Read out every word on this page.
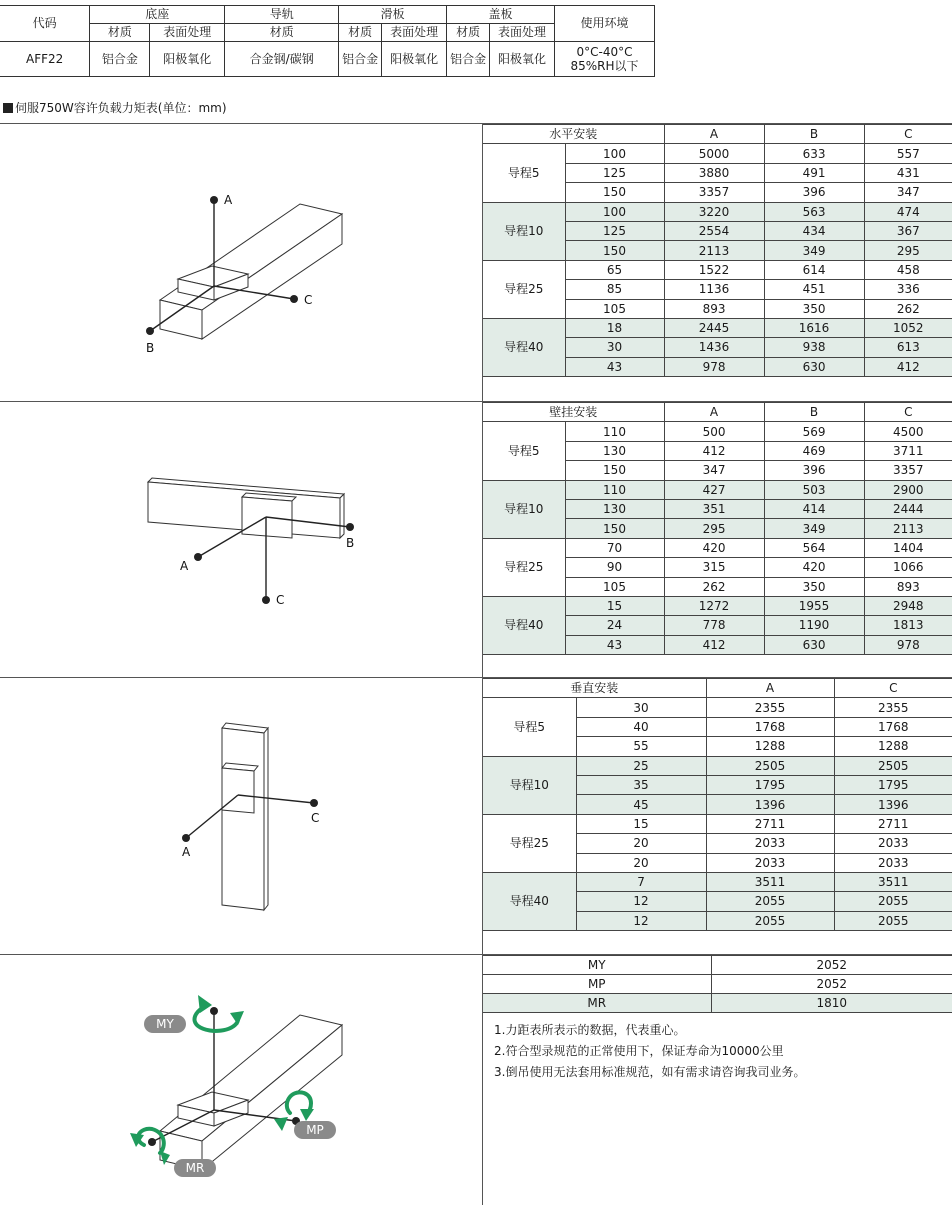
代码	底座		导轨	滑板		盖板		使用环境
	材质	表面处理	材质	材质	表面处理	材质	表面处理	
AFF22	铝合金	阳极氧化	合金钢/碳钢	铝合金	阳极氧化	铝合金	阳极氧化	0°C-40°C
85%RH以下
伺服750W容许负载力矩表(单位：mm)
A
C
B
A
B
C
A
C
MY
MP
MR
水平安装		A	B	C
导程5	100	5000	633	557
	125	3880	491	431
	150	3357	396	347
导程10	100	3220	563	474
	125	2554	434	367
	150	2113	349	295
导程25	65	1522	614	458
	85	1136	451	336
	105	893	350	262
导程40	18	2445	1616	1052
	30	1436	938	613
	43	978	630	412
壁挂安装		A	B	C
导程5	110	500	569	4500
	130	412	469	3711
	150	347	396	3357
导程10	110	427	503	2900
	130	351	414	2444
	150	295	349	2113
导程25	70	420	564	1404
	90	315	420	1066
	105	262	350	893
导程40	15	1272	1955	2948
	24	778	1190	1813
	43	412	630	978
垂直安装		A	C
导程5	30	2355	2355
	40	1768	1768
	55	1288	1288
导程10	25	2505	2505
	35	1795	1795
	45	1396	1396
导程25	15	2711	2711
	20	2033	2033
	20	2033	2033
导程40	7	3511	3511
	12	2055	2055
	12	2055	2055
MY	2052
MP	2052
MR	1810
1.力距表所表示的数据，代表重心。
2.符合型录规范的正常使用下，保证寿命为10000公里
3.倒吊使用无法套用标准规范，如有需求请咨询我司业务。
